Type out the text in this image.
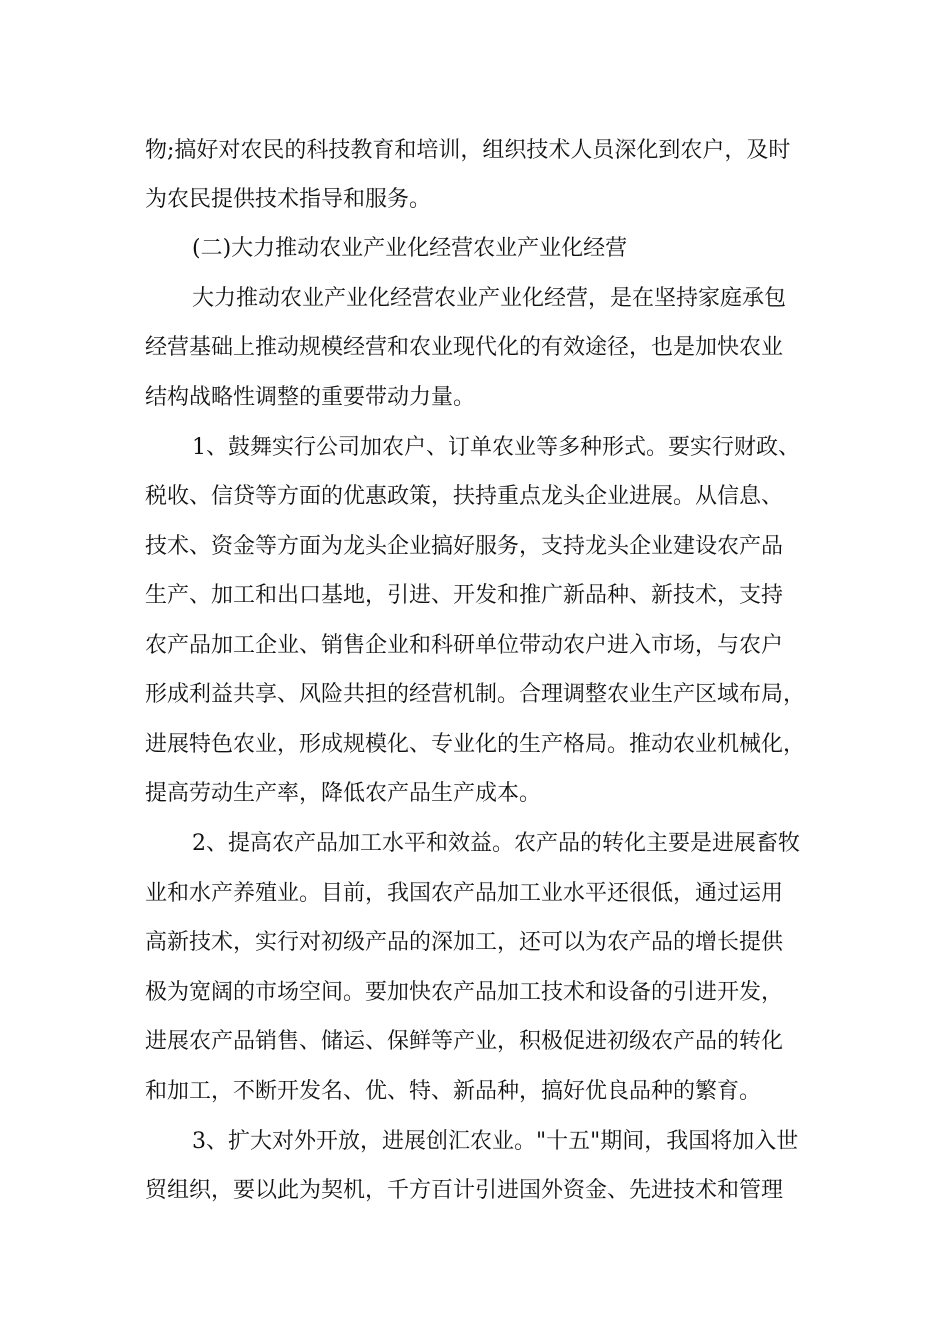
物;搞好对农民的科技教育和培训，组织技术人员深化到农户，及时

为农民提供技术指导和服务。

(二)大力推动农业产业化经营农业产业化经营

大力推动农业产业化经营农业产业化经营，是在坚持家庭承包

经营基础上推动规模经营和农业现代化的有效途径，也是加快农业

结构战略性调整的重要带动力量。

1、鼓舞实行公司加农户、订单农业等多种形式。要实行财政、

税收、信贷等方面的优惠政策，扶持重点龙头企业进展。从信息、

技术、资金等方面为龙头企业搞好服务，支持龙头企业建设农产品

生产、加工和出口基地，引进、开发和推广新品种、新技术，支持

农产品加工企业、销售企业和科研单位带动农户进入市场，与农户

形成利益共享、风险共担的经营机制。合理调整农业生产区域布局，

进展特色农业，形成规模化、专业化的生产格局。推动农业机械化，

提高劳动生产率，降低农产品生产成本。

2、提高农产品加工水平和效益。农产品的转化主要是进展畜牧

业和水产养殖业。目前，我国农产品加工业水平还很低，通过运用

高新技术，实行对初级产品的深加工，还可以为农产品的增长提供

极为宽阔的市场空间。要加快农产品加工技术和设备的引进开发，

进展农产品销售、储运、保鲜等产业，积极促进初级农产品的转化

和加工，不断开发名、优、特、新品种，搞好优良品种的繁育。

3、扩大对外开放，进展创汇农业。"十五"期间，我国将加入世

贸组织，要以此为契机，千方百计引进国外资金、先进技术和管理
